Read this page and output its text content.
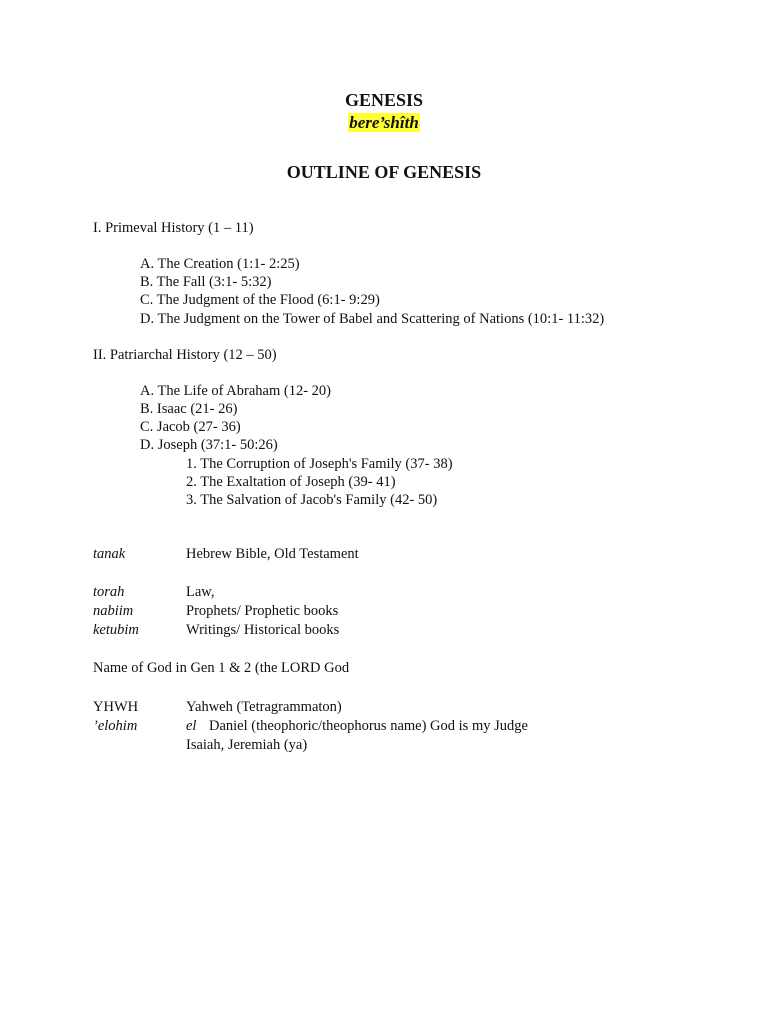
GENESIS
bere’shîth
OUTLINE OF GENESIS
I. Primeval History (1 – 11)
A. The Creation (1:1- 2:25)
B. The Fall (3:1- 5:32)
C. The Judgment of the Flood (6:1- 9:29)
D. The Judgment on the Tower of Babel and Scattering of Nations (10:1- 11:32)
II. Patriarchal History (12 – 50)
A. The Life of Abraham (12- 20)
B. Isaac (21- 26)
C. Jacob (27- 36)
D. Joseph (37:1- 50:26)
1. The Corruption of Joseph's Family (37- 38)
2. The Exaltation of Joseph (39- 41)
3. The Salvation of Jacob's Family (42- 50)
tanak	Hebrew Bible, Old Testament
torah	Law,
nabiim	Prophets/ Prophetic books
ketubim	Writings/ Historical books
Name of God in Gen 1 & 2 (the LORD God
YHWH	Yahweh (Tetragrammaton)
’elohim	el Daniel (theophoric/theophorus name) God is my Judge
Isaiah, Jeremiah (ya)
